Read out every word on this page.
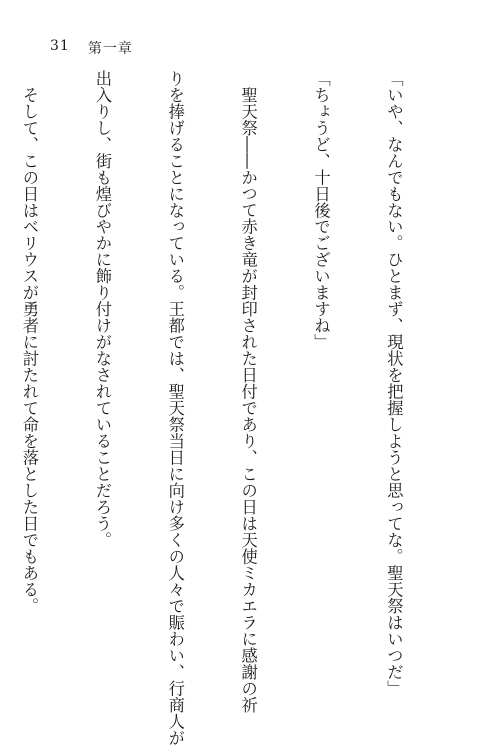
31 第一章

「いや、なんでもない。ひとまず、現状を把握しようと思ってな。聖天祭はいつだ」

「ちょうど、十日後でございますね」

　聖天祭――かつて赤き竜が封印された日付であり、この日は天使ミカエラに感謝の祈

りを捧げることになっている。王都では、聖天祭当日に向け多くの人々で賑わい、行商人が

出入りし、街も煌びやかに飾り付けがなされていることだろう。

　そして、この日はベリウスが勇者に討たれて命を落とした日でもある。
